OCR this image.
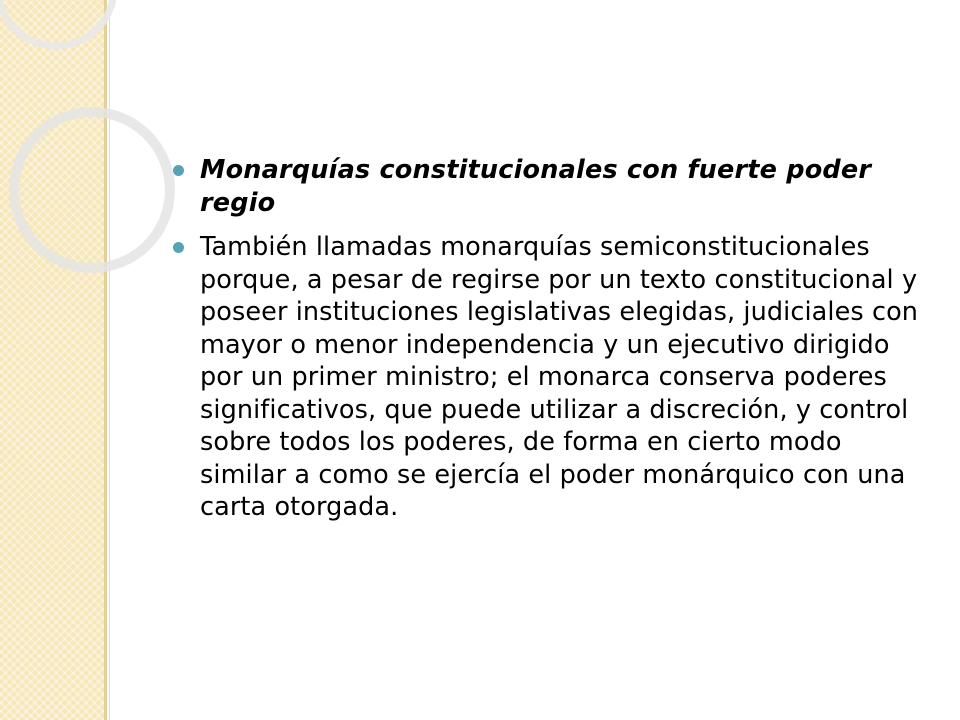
Monarquías constitucionales con fuerte poder regio
También llamadas monarquías semiconstitucionales porque, a pesar de regirse por un texto constitucional y poseer instituciones legislativas elegidas, judiciales con mayor o menor independencia y un ejecutivo dirigido por un primer ministro; el monarca conserva poderes significativos, que puede utilizar a discreción, y control sobre todos los poderes, de forma en cierto modo similar a como se ejercía el poder monárquico con una carta otorgada.
